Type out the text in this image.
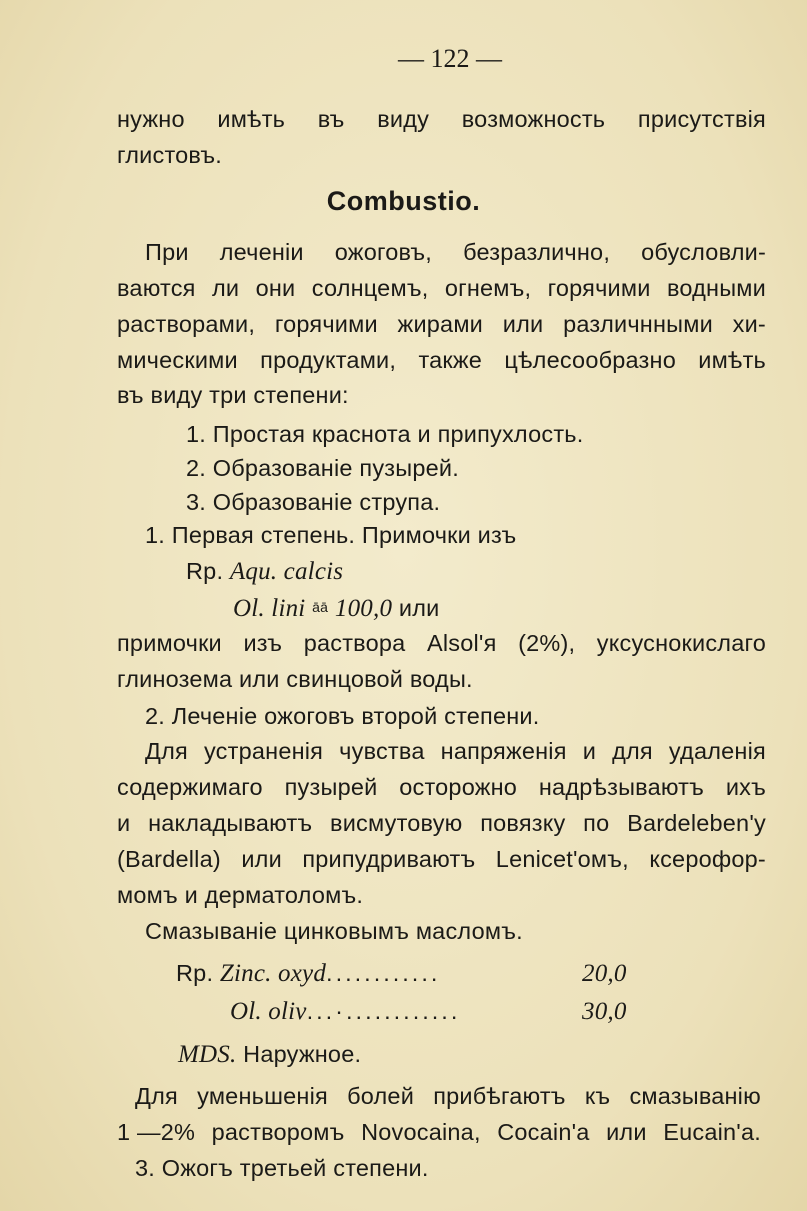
— 122 —
нужно имѣть въ виду возможность присутствія
глистовъ.
Combustio.
При леченіи ожоговъ, безразлично, обусловли-
ваются ли они солнцемъ, огнемъ, горячими водными
растворами, горячими жирами или различнными хи-
мическими продуктами, также цѣлесообразно имѣть
въ виду три степени:
1. Простая краснота и припухлость.
2. Образованіе пузырей.
3. Образованіе струпа.
1. Первая степень. Примочки изъ
Rp. Aqu. calcis
Ol. lini āā 100,0 или
примочки изъ раствора Alsol'я (2%), уксуснокислаго
глинозема или свинцовой воды.
2. Леченіе ожоговъ второй степени.
Для устраненія чувства напряженія и для удаленія
содержимаго пузырей осторожно надрѣзываютъ ихъ
и накладываютъ висмутовую повязку по Bardeleben'у
(Bardella) или припудриваютъ Lenicet'омъ, ксерофор-
момъ и дерматоломъ.
Смазываніе цинковымъ масломъ.
Rp. Zinc. oxyd............	20,0
Ol. oliv...·............	30,0
MDS. Наружное.
Для уменьшенія болей прибѣгаютъ къ смазыванію
1 —2% растворомъ Novocaina, Cocain'a или Eucain'a.
3. Ожогъ третьей степени.
